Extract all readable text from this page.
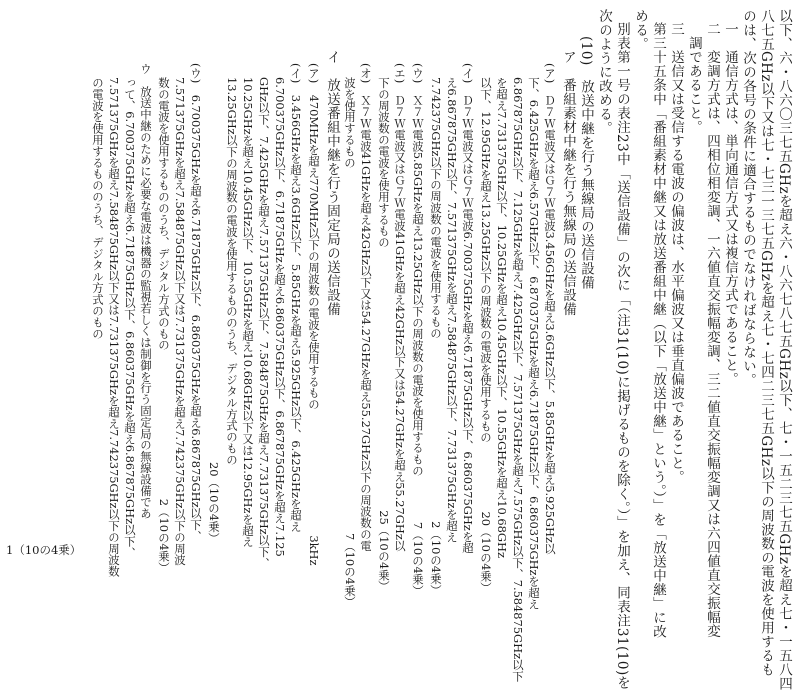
以下、六・八六〇三七五GHzを超え六・八六七八七五GHz以下、七・一五二三七五GHzを超え七・一五八四
八七五GHz以下又は七・七三一三七五GHzを超え七・七四二三七五GHz以下の周波数の電波を使用するも
のは、次の各号の条件に適合するものでなければならない。
一　通信方式は、単向通信方式又は複信方式であること。
二　変調方式は、四相位相変調、一六値直交振幅変調、三二値直交振幅変調又は六四値直交振幅変
調であること。
三　送信又は受信する電波の偏波は、水平偏波又は垂直偏波であること。
第三十五条中「番組素材中継又は放送番組中継（以下「放送中継」という。）」を「放送中継」に改
める。
別表第一号の表注23中「送信設備」の次に「（注31(10)に掲げるものを除く。）」を加え、同表注31(10)を
次のように改める。
(10)　放送中継を行う無線局の送信設備
ア　番組素材中継を行う無線局の送信設備
(ア)　Ｄ７Ｗ電波又はＧ７Ｗ電波3.456GHzを超え3.6GHz以下、5.85GHzを超え5.925GHz以
下、6.425GHzを超え6.57GHz以下、6.870375GHzを超え6.71875GHz以下、6.860375GHzを超え
6.867875GHz以下、7.125GHzを超え7.425GHz以下、7.571375GHzを超え7.575GHz以下、7.584875GHz以下
を超え7.731375GHz以下、10.25GHzを超え10.45GHz以下、10.55GHzを超え10.68GHz
以下、12.95GHzを超え13.25GHz以下の周波数の電波を使用するもの　　　　　　20（10の4乗）
(イ)　Ｄ７Ｗ電波又はＧ７Ｗ電波6.700375GHzを超え6.71875GHz以下、6.860375GHzを超
え6.867875GHz以下、7.571375GHzを超え7.584875GHz以下、7.731375GHzを超え
7.742375GHz以下の周波数の電波を使用するもの　　　　　　　　　　　　　　　　2（10の4乗）
(ウ)　Ｘ７Ｗ電波5.85GHzを超え13.25GHz以下の周波数の電波を使用するもの　　　　7（10の4乗）
(エ)　Ｄ７Ｗ電波又はＧ７Ｗ電波41GHzを超え42GHz以下又は54.27GHzを超え55.27GHz以
下の周波数の電波を使用するもの　　　　　　　　　　　　　　　　　　　　　　　25（10の4乗）
(オ)　Ｘ７Ｗ電波41GHzを超え42GHz以下又は54.27GHzを超え55.27GHz以下の周波数の電
波を使用するもの　　　　　　　　　　　　　　　　　　　　　　　　　　　　　　　　7（10の4乗）
イ　放送番組中継を行う固定局の送信設備
(ア)　470MHzを超え770MHz以下の周波数の電波を使用するもの　　　　　　　　　　　3kHz
(イ)　3.456GHzを超え3.6GHz以下、5.85GHzを超え5.925GHz以下、6.425GHzを超え
6.700375GHz以下、6.71875GHzを超え6.860375GHz以下、6.867875GHzを超え7.125
GHz以下、7.425GHzを超え7.571375GHz以下、7.584875GHzを超え7.731375GHz以下、
10.25GHzを超え10.45GHz以下、10.55GHzを超え10.68GHz以下又は12.95GHzを超え
13.25GHz以下の周波数の電波を使用するもののうち、デジタル方式のもの
20（10の4乗）
(ウ)　6.700375GHzを超え6.71875GHz以下、6.860375GHzを超え6.867875GHz以下、
7.571375GHzを超え7.584875GHz以下又は7.731375GHzを超え7.742375GHz以下の周波
数の電波を使用するもののうち、デジタル方式のもの　　　　　　　　　　　　　2（10の4乗）
ウ　放送中継のために必要な電波は機器の監視若しくは制御を行う固定局の無線設備であ
って、6.700375GHzを超え6.71875GHz以下、6.860375GHzを超え6.867875GHz以下、
7.571375GHzを超え7.584875GHz以下又は7.731375GHzを超え7.742375GHz以下の周波数
の電波を使用するもののうち、デジタル方式のもの
1（10の4乗）
